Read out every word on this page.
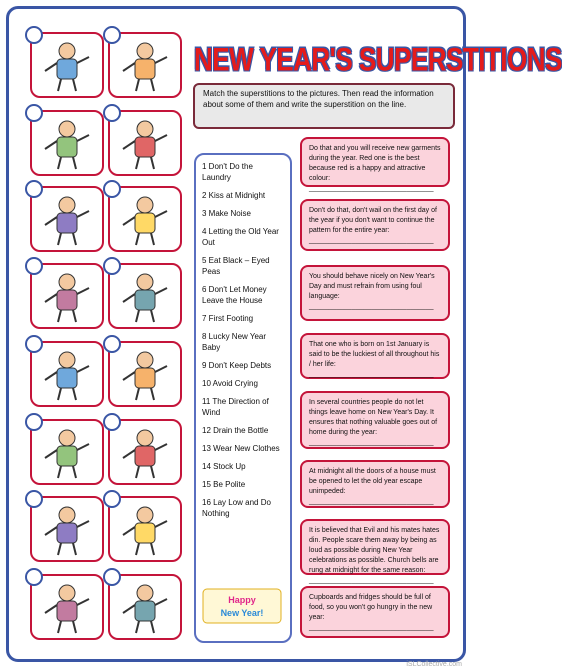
NEW YEAR'S SUPERSTITIONS
Match the superstitions to the pictures. Then read the information about some of them and write the superstition on the line.
1 Don't Do the Laundry
2 Kiss at Midnight
3 Make Noise
4 Letting the Old Year Out
5 Eat Black – Eyed Peas
6 Don't Let Money Leave the House
7 First Footing
8 Lucky New Year Baby
9 Don't Keep Debts
10 Avoid Crying
11 The Direction of Wind
12 Drain the Bottle
13 Wear New Clothes
14 Stock Up
15 Be Polite
16 Lay Low and Do Nothing
Happy
New Year!
Do that and you will receive new garments during the year. Red one is the best because red is a happy and attractive colour: ________________________________
Don't do that, don't wail on the first day of the year if you don't want to continue the pattern for the entire year: ________________________________
You should behave nicely on New Year's Day and must refrain from using foul language: ________________________________
That one who is born on 1st January is said to be the luckiest of all throughout his / her life: ________________________________
In several countries people do not let things leave home on New Year's Day. It ensures that nothing valuable goes out of home during the year: ________________________________
At midnight all the doors of a house must be opened to let the old year escape unimpeded: ________________________________
It is believed that Evil and his mates hates din. People scare them away by being as loud as possible during New Year celebrations as possible. Church bells are rung at midnight for the same reason: ________________________________
Cupboards and fridges should be full of food, so you won't go hungry in the new year: ________________________________
iSLCollective.com
